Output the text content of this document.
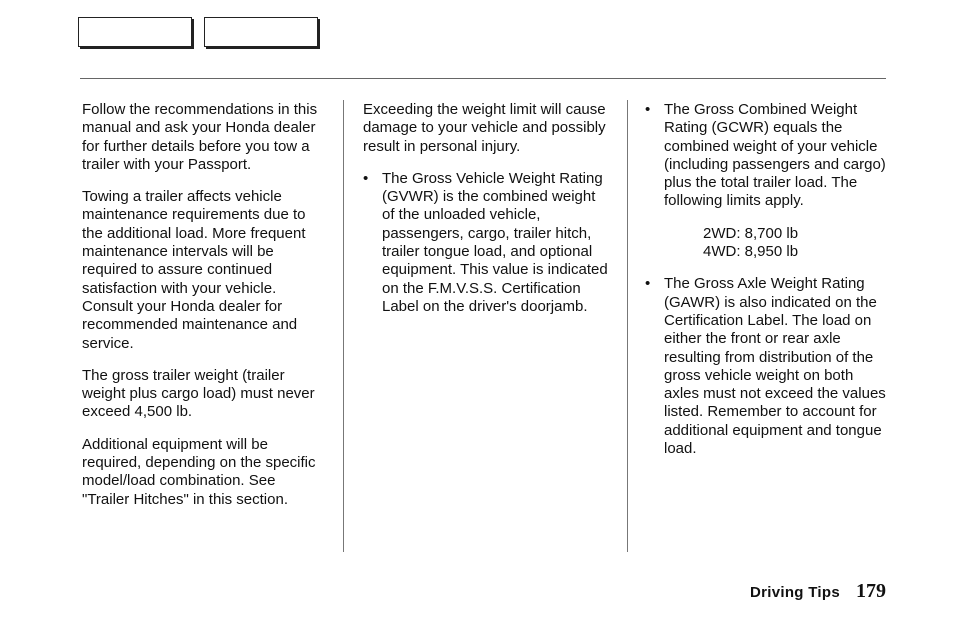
Follow the recommendations in this manual and ask your Honda dealer for further details before you tow a trailer with your Passport.

Towing a trailer affects vehicle maintenance requirements due to the additional load. More frequent maintenance intervals will be required to assure continued satisfaction with your vehicle. Consult your Honda dealer for recommended maintenance and service.

The gross trailer weight (trailer weight plus cargo load) must never exceed 4,500 lb.

Additional equipment will be required, depending on the specific model/load combination. See "Trailer Hitches" in this section.

Exceeding the weight limit will cause damage to your vehicle and possibly result in personal injury.

• The Gross Vehicle Weight Rating (GVWR) is the combined weight of the unloaded vehicle, passengers, cargo, trailer hitch, trailer tongue load, and optional equipment. This value is indicated on the F.M.V.S.S. Certification Label on the driver's doorjamb.
• The Gross Combined Weight Rating (GCWR) equals the combined weight of your vehicle (including passengers and cargo) plus the total trailer load. The following limits apply.
2WD: 8,700 lb
4WD: 8,950 lb
• The Gross Axle Weight Rating (GAWR) is also indicated on the Certification Label. The load on either the front or rear axle resulting from distribution of the gross vehicle weight on both axles must not exceed the values listed. Remember to account for additional equipment and tongue load.
Driving Tips 179
